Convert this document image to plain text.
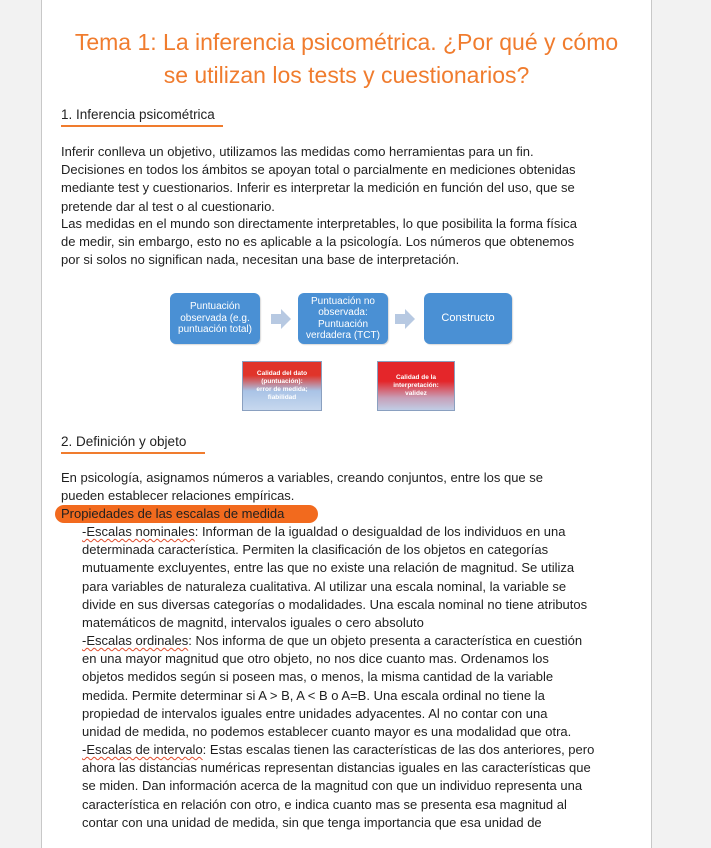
Tema 1: La inferencia psicométrica. ¿Por qué y cómo
se utilizan los tests y cuestionarios?
1. Inferencia psicométrica

Inferir conlleva un objetivo, utilizamos las medidas como herramientas para un fin.
Decisiones en todos los ámbitos se apoyan total o parcialmente en mediciones obtenidas
mediante test y cuestionarios. Inferir es interpretar la medición en función del uso, que se
pretende dar al test o al cuestionario.

Las medidas en el mundo son directamente interpretables, lo que posibilita la forma física
de medir, sin embargo, esto no es aplicable a la psicología. Los números que obtenemos
por si solos no significan nada, necesitan una base de interpretación.

Puntuación
observada (e.g.
puntuación total)
Puntuación no
observada:
Puntuación
verdadera (TCT)
Constructo
Calidad del dato
(puntuación):
error de medida;
fiabilidad
Calidad de la
interpretación:
validez
2. Definición y objeto

En psicología, asignamos números a variables, creando conjuntos, entre los que se
pueden establecer relaciones empíricas.

Propiedades de las escalas de medida

-Escalas nominales: Informan de la igualdad o desigualdad de los individuos en una
determinada característica. Permiten la clasificación de los objetos en categorías
mutuamente excluyentes, entre las que no existe una relación de magnitud. Se utiliza
para variables de naturaleza cualitativa. Al utilizar una escala nominal, la variable se
divide en sus diversas categorías o modalidades. Una escala nominal no tiene atributos
matemáticos de magnitd, intervalos iguales o cero absoluto

-Escalas ordinales: Nos informa de que un objeto presenta a característica en cuestión
en una mayor magnitud que otro objeto, no nos dice cuanto mas. Ordenamos los
objetos medidos según si poseen mas, o menos, la misma cantidad de la variable
medida. Permite determinar si A > B, A < B o A=B. Una escala ordinal no tiene la
propiedad de intervalos iguales entre unidades adyacentes. Al no contar con una
unidad de medida, no podemos establecer cuanto mayor es una modalidad que otra.

-Escalas de intervalo: Estas escalas tienen las características de las dos anteriores, pero
ahora las distancias numéricas representan distancias iguales en las características que
se miden. Dan información acerca de la magnitud con que un individuo representa una
característica en relación con otro, e indica cuanto mas se presenta esa magnitud al
contar con una unidad de medida, sin que tenga importancia que esa unidad de
